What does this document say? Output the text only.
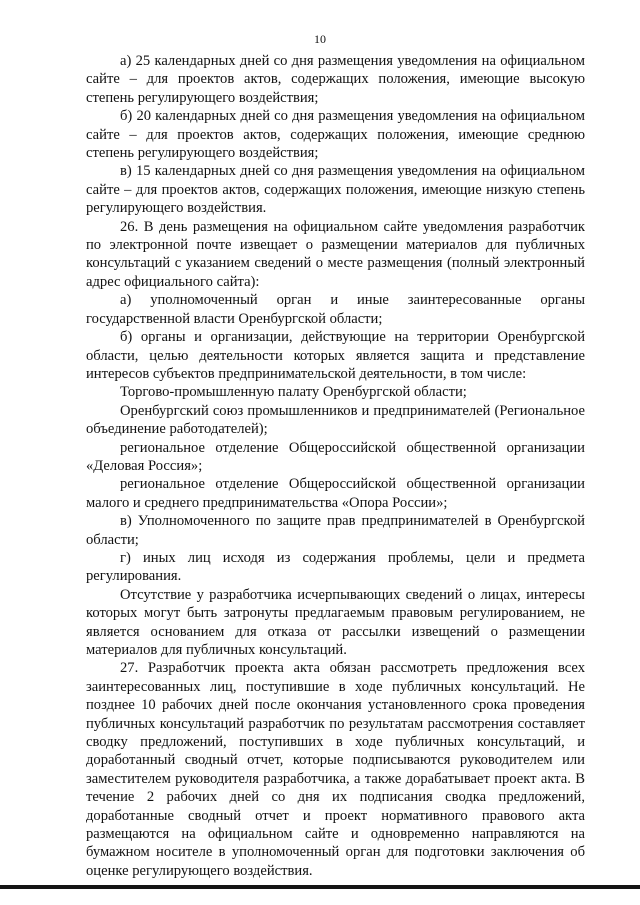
10

а) 25 календарных дней со дня размещения уведомления на официальном сайте – для проектов актов, содержащих положения, имеющие высокую степень регулирующего воздействия;

б) 20 календарных дней со дня размещения уведомления на официальном сайте – для проектов актов, содержащих положения, имеющие среднюю степень регулирующего воздействия;

в) 15 календарных дней со дня размещения уведомления на официальном сайте – для проектов актов, содержащих положения, имеющие низкую степень регулирующего воздействия.

26. В день размещения на официальном сайте уведомления разработчик по электронной почте извещает о размещении материалов для публичных консультаций с указанием сведений о месте размещения (полный электронный адрес официального сайта):

а) уполномоченный орган и иные заинтересованные органы государственной власти Оренбургской области;

б) органы и организации, действующие на территории Оренбургской области, целью деятельности которых является защита и представление интересов субъектов предпринимательской деятельности, в том числе:

Торгово-промышленную палату Оренбургской области;

Оренбургский союз промышленников и предпринимателей (Региональное объединение работодателей);

региональное отделение Общероссийской общественной организации «Деловая Россия»;

региональное отделение Общероссийской общественной организации малого и среднего предпринимательства «Опора России»;

в) Уполномоченного по защите прав предпринимателей в Оренбургской области;

г) иных лиц исходя из содержания проблемы, цели и предмета регулирования.

Отсутствие у разработчика исчерпывающих сведений о лицах, интересы которых могут быть затронуты предлагаемым правовым регулированием, не является основанием для отказа от рассылки извещений о размещении материалов для публичных консультаций.

27. Разработчик проекта акта обязан рассмотреть предложения всех заинтересованных лиц, поступившие в ходе публичных консультаций. Не позднее 10 рабочих дней после окончания установленного срока проведения публичных консультаций разработчик по результатам рассмотрения составляет сводку предложений, поступивших в ходе публичных консультаций, и доработанный сводный отчет, которые подписываются руководителем или заместителем руководителя разработчика, а также дорабатывает проект акта. В течение 2 рабочих дней со дня их подписания сводка предложений, доработанные сводный отчет и проект нормативного правового акта размещаются на официальном сайте и одновременно направляются на бумажном носителе в уполномоченный орган для подготовки заключения об оценке регулирующего воздействия.
